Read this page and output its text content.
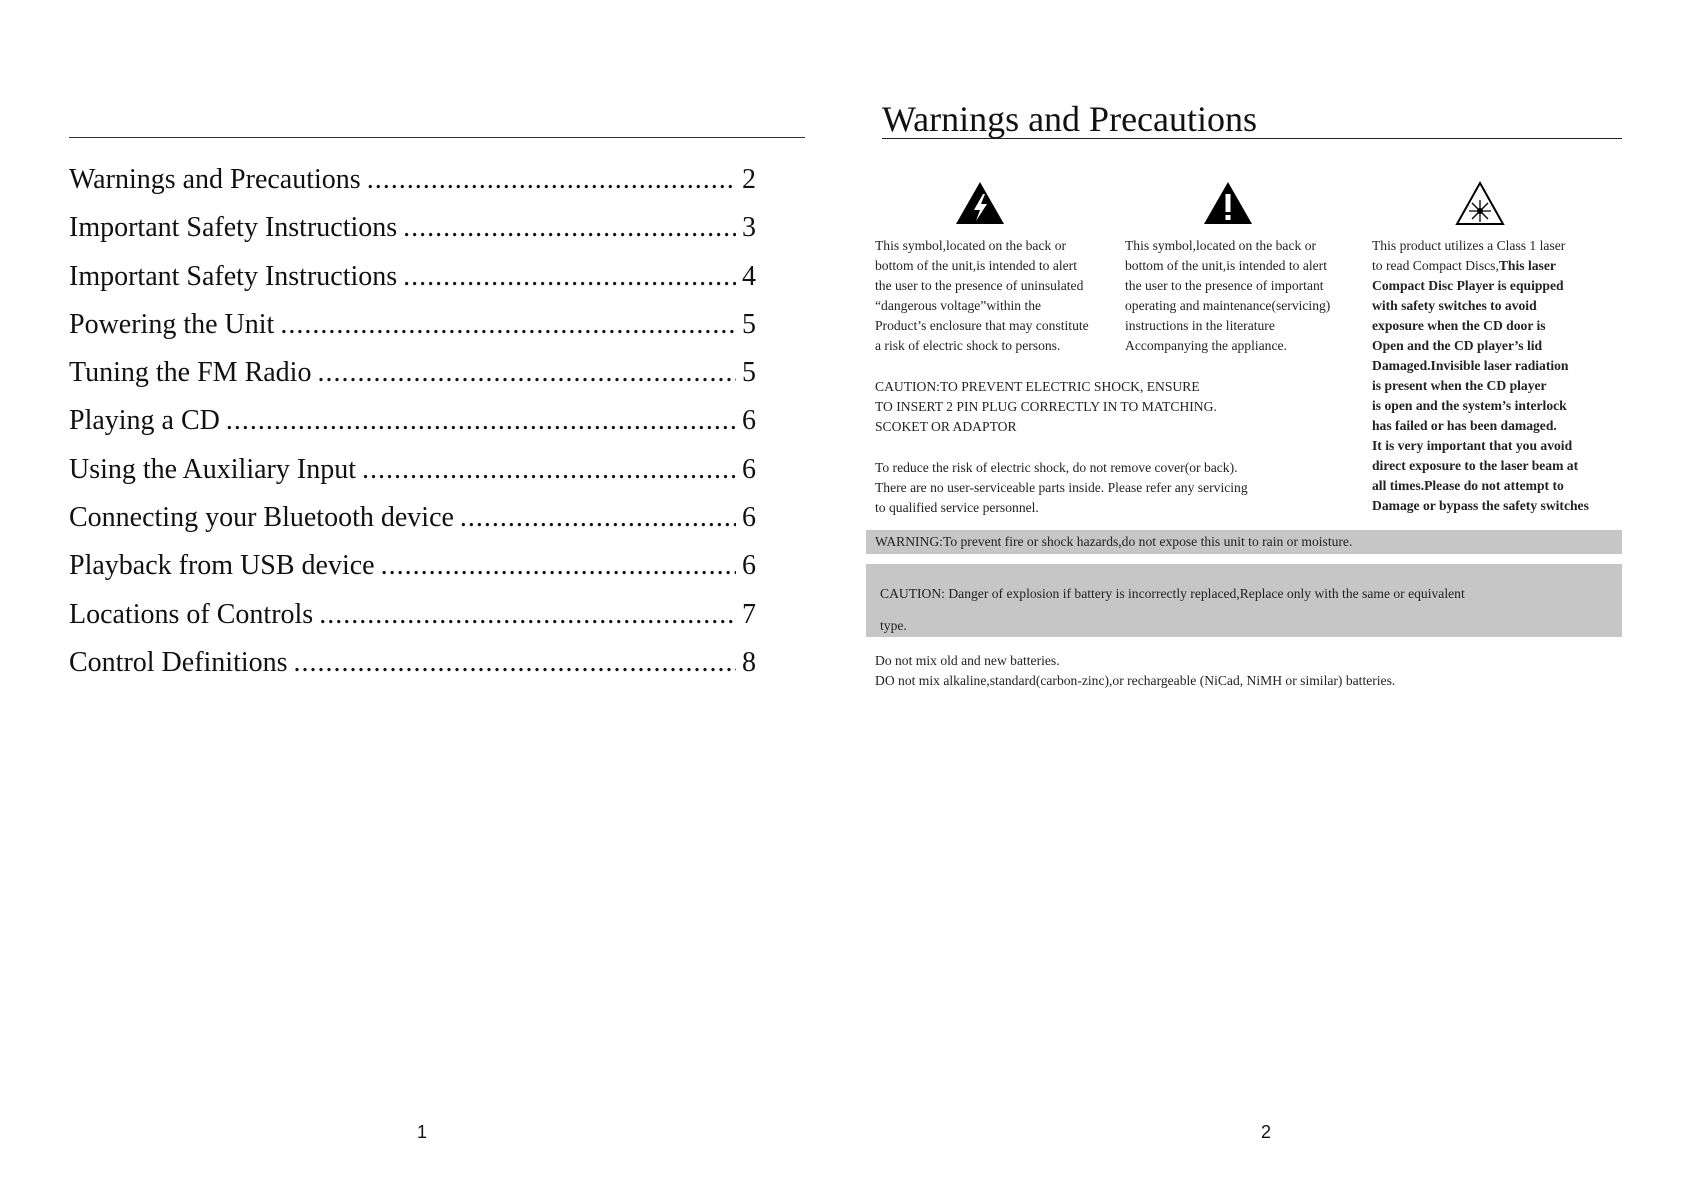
Warnings and Precautions .....	2
Important Safety Instructions .....	3
Important Safety Instructions .....	4
Powering the Unit .....	5
Tuning the FM Radio .....	5
Playing a CD .....	6
Using the Auxiliary Input .....	6
Connecting your Bluetooth device .....	6
Playback from USB device .....	6
Locations of Controls .....	7
Control Definitions .....	8
1
Warnings and Precautions

This symbol,located on the back or

bottom of the unit,is intended to alert

the user to the presence of uninsulated

“dangerous voltage”within the

Product’s enclosure that may constitute

a risk of electric shock to persons.

This symbol,located on the back or

bottom of the unit,is intended to alert

the user to the presence of important

operating and maintenance(servicing)

instructions in the literature

Accompanying the appliance.

This product utilizes a Class 1 laser

to read Compact Discs,This laser

Compact Disc Player is equipped

with safety switches to avoid

exposure when the CD door is

Open and the CD player’s lid

Damaged.Invisible laser radiation

is present when the CD player

is open and the system’s interlock

has failed or has been damaged.

It is very important that you avoid

direct exposure to the laser beam at

all times.Please do not attempt to

Damage or bypass the safety switches

CAUTION:TO PREVENT ELECTRIC SHOCK, ENSURE

TO INSERT 2 PIN PLUG CORRECTLY IN TO MATCHING.

SCOKET OR ADAPTOR

To reduce the risk of electric shock, do not remove cover(or back).

There are no user-serviceable parts inside. Please refer any servicing

to qualified service personnel.

WARNING:To prevent fire or shock hazards,do not expose this unit to rain or moisture.

CAUTION: Danger of explosion if battery is incorrectly replaced,Replace only with the same or equivalent type.

Do not mix old and new batteries.

DO not mix alkaline,standard(carbon-zinc),or rechargeable (NiCad, NiMH or similar) batteries.

2
